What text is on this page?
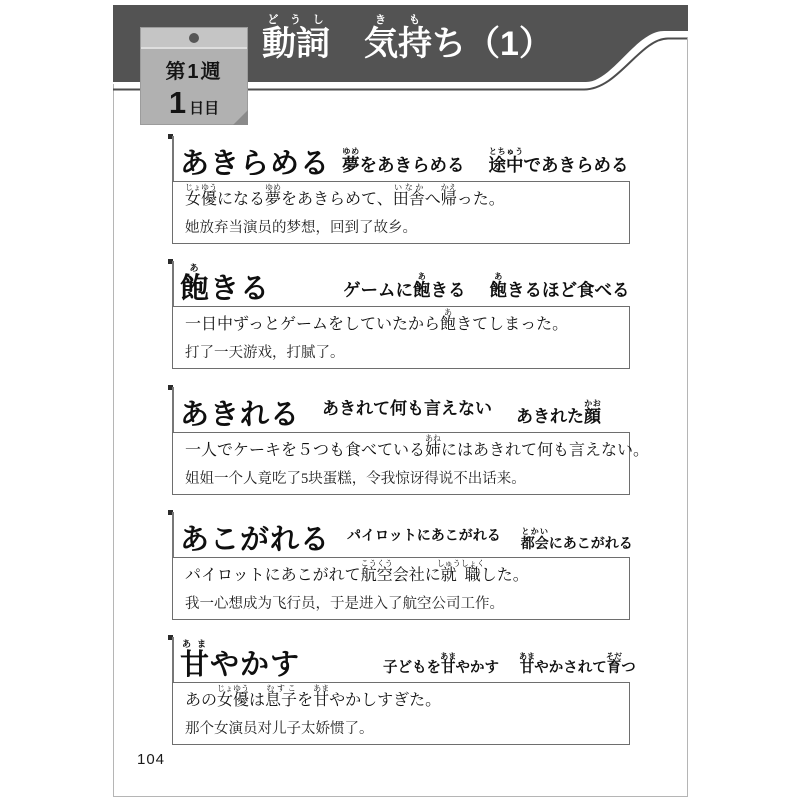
第1週
1 日目
動詞どうし　気持きもち（1）
あきらめる 夢ゆめをあきらめる 途中とちゅうであきらめる
女優じょゆうになる夢ゆめをあきらめて、田舎いなかへ帰かえった。
她放弃当演员的梦想，回到了故乡。
飽あきる	ゲームに飽あきる 飽あきるほど食べる
一日中ずっとゲームをしていたから飽あきてしまった。
打了一天游戏，打腻了。
あきれる あきれて何も言えない あきれた顔かお
一人でケーキを５つも食べている姉あねにはあきれて何も言えない。
姐姐一个人竟吃了5块蛋糕，令我惊讶得说不出话来。
あこがれる パイロットにあこがれる 都会とかいにあこがれる
パイロットにあこがれて航空こうくう会社に就職しゅうしょくした。
我一心想成为飞行员，于是进入了航空公司工作。
甘あまやかす	子どもを甘あまやかす 甘あまやかされて育そだつ
あの女優じょゆうは息子むすこを甘あまやかしすぎた。
那个女演员对儿子太娇惯了。
104
